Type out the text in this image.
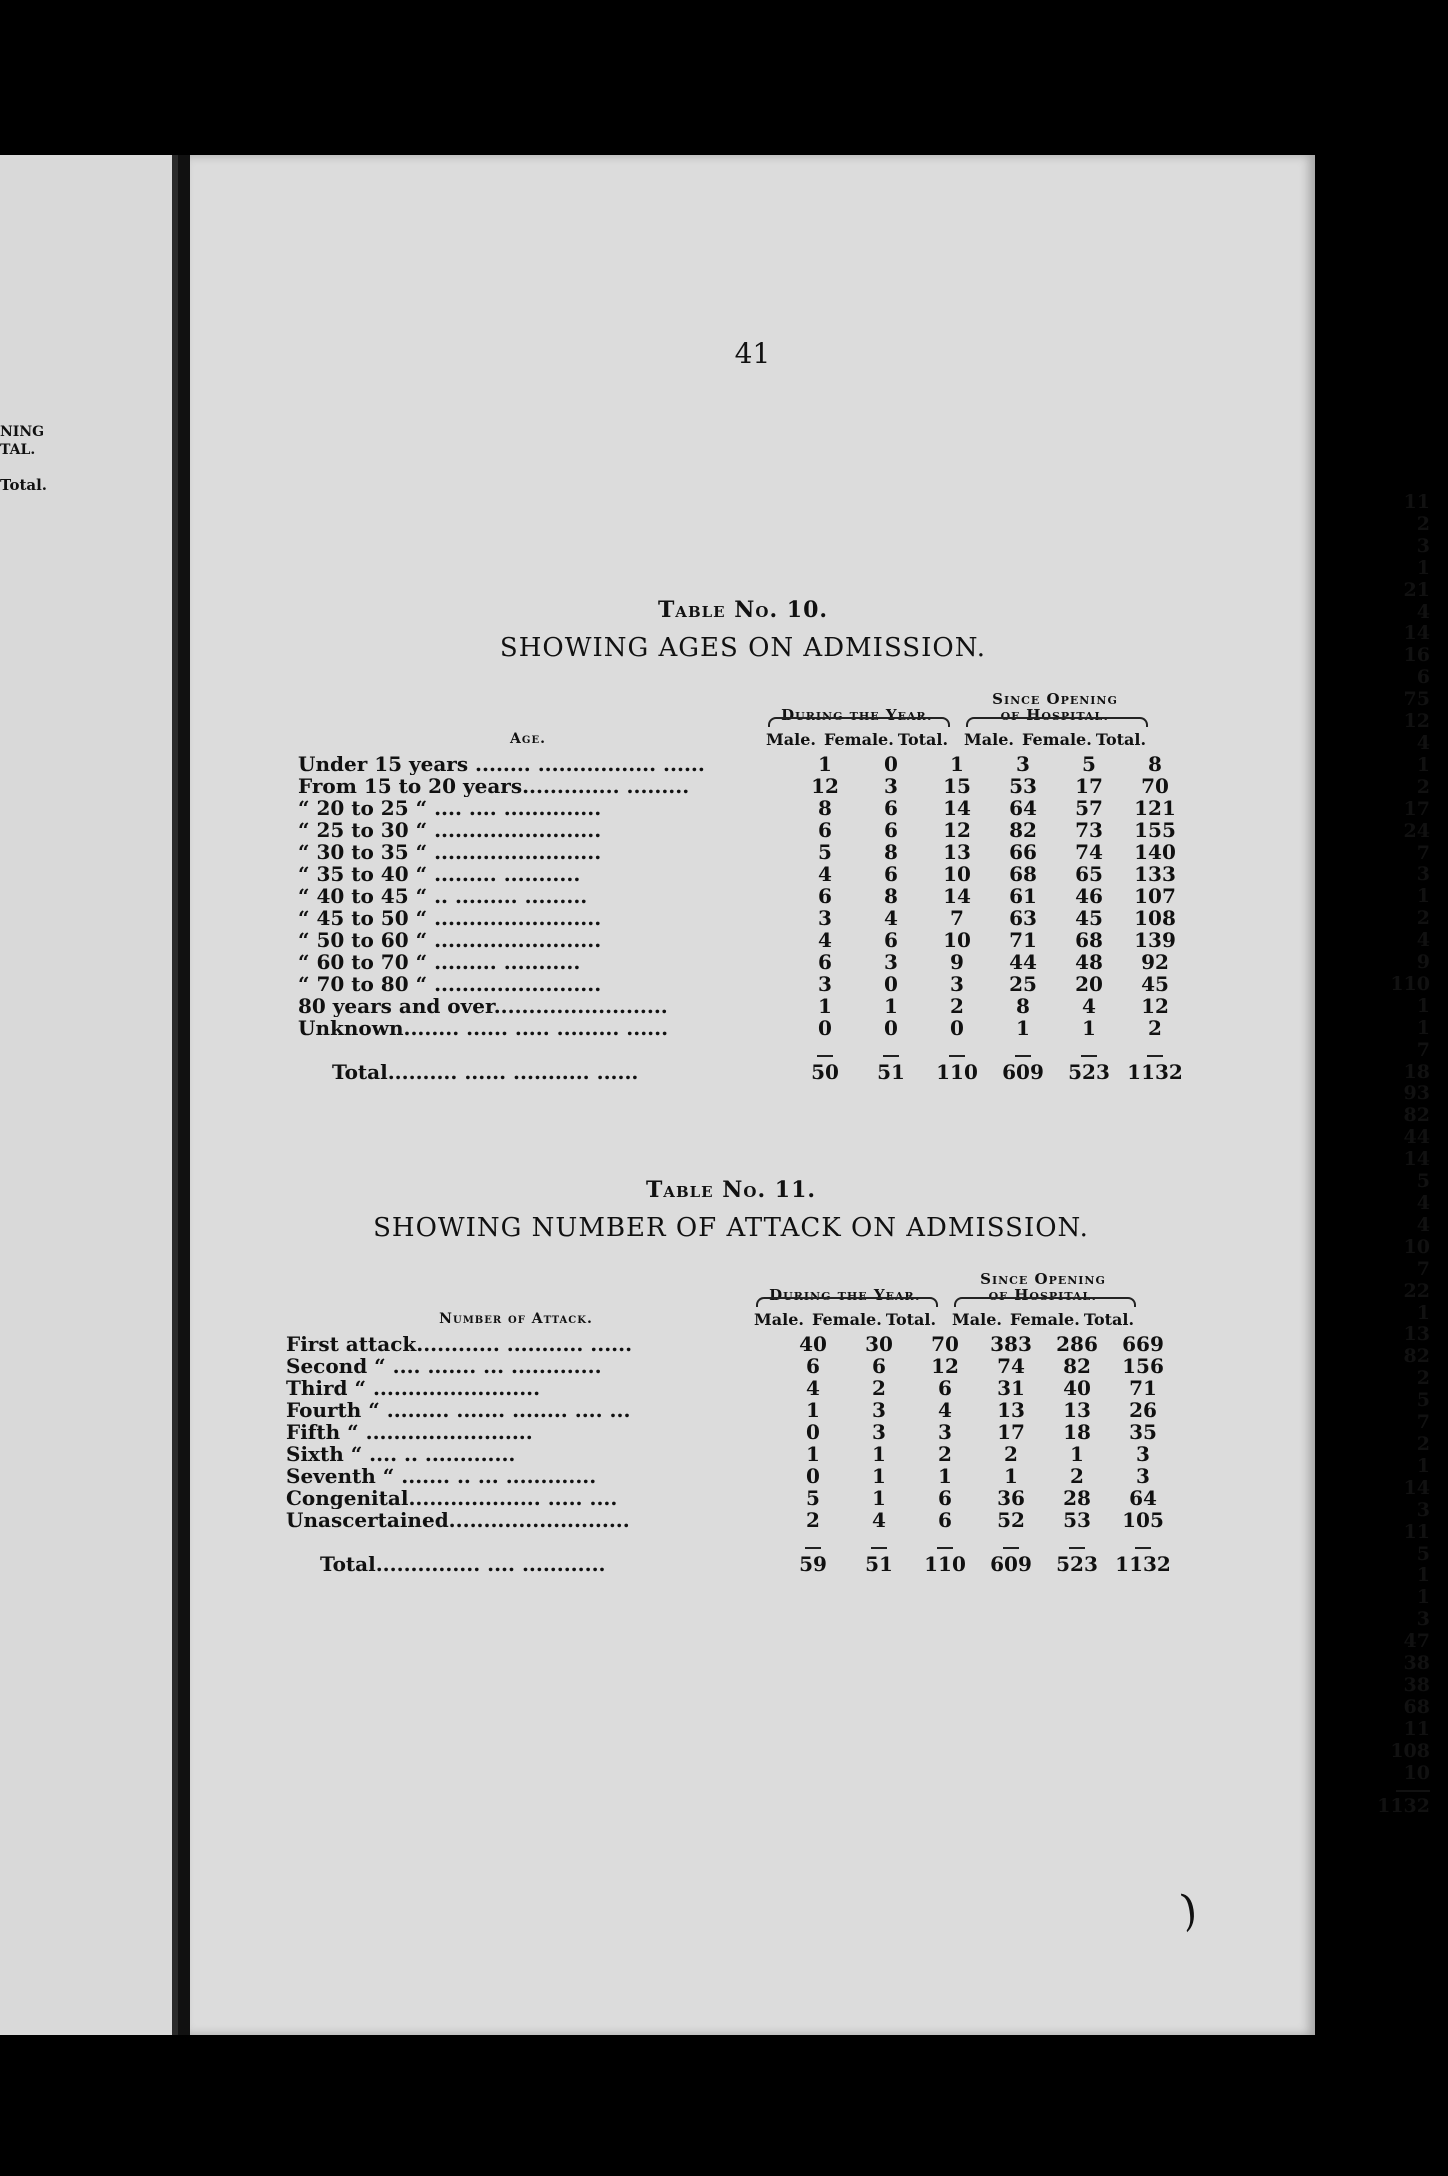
NING
TAL.
Total.
11
2
3
1
21
4
14
16
6
75
12
4
1
2
17
24
7
3
1
2
4
9
110
1
1
7
18
93
82
44
14
5
4
4
10
7
22
1
13
82
2
5
7
2
1
14
3
11
5
1
1
3
47
38
38
68
11
108
10
1132
41
Table No. 10.
SHOWING AGES ON ADMISSION.
Age.
During the Year.
Since Opening
of Hospital.
Male. Female. Total. Male. Female. Total.
Under 15 years ........ ................. ......	1	0	1	3	5	8
From 15 to 20 years.............. .........	12	3	15	53	17	70
“ 20 to 25 “ .... .... ..............	8	6	14	64	57	121
“ 25 to 30 “ ........................	6	6	12	82	73	155
“ 30 to 35 “ ........................	5	8	13	66	74	140
“ 35 to 40 “ ......... ...........	4	6	10	68	65	133
“ 40 to 45 “ .. ......... .........	6	8	14	61	46	107
“ 45 to 50 “ ........................	3	4	7	63	45	108
“ 50 to 60 “ ........................	4	6	10	71	68	139
“ 60 to 70 “ ......... ...........	6	3	9	44	48	92
“ 70 to 80 “ ........................	3	0	3	25	20	45
80 years and over.........................	1	1	2	8	4	12
Unknown........ ...... ..... ......... ......	0	0	0	1	1	2

Total.......... ...... ........... ......	50	51	110	609	523	1132
Table No. 11.
SHOWING NUMBER OF ATTACK ON ADMISSION.
Number of Attack.
During the Year.
Since Opening
of Hospital.
Male. Female. Total. Male. Female. Total.
First attack............ ........... ......	40	30	70	383	286	669
Second “ .... ....... ... .............	6	6	12	74	82	156
Third “ ........................	4	2	6	31	40	71
Fourth “ ......... ....... ........ .... ...	1	3	4	13	13	26
Fifth “ ........................	0	3	3	17	18	35
Sixth “ .... .. .............	1	1	2	2	1	3
Seventh “ ....... .. ... .............	0	1	1	1	2	3
Congenital................... ..... ....	5	1	6	36	28	64
Unascertained..........................	2	4	6	52	53	105

Total............... .... ............	59	51	110	609	523	1132
)
